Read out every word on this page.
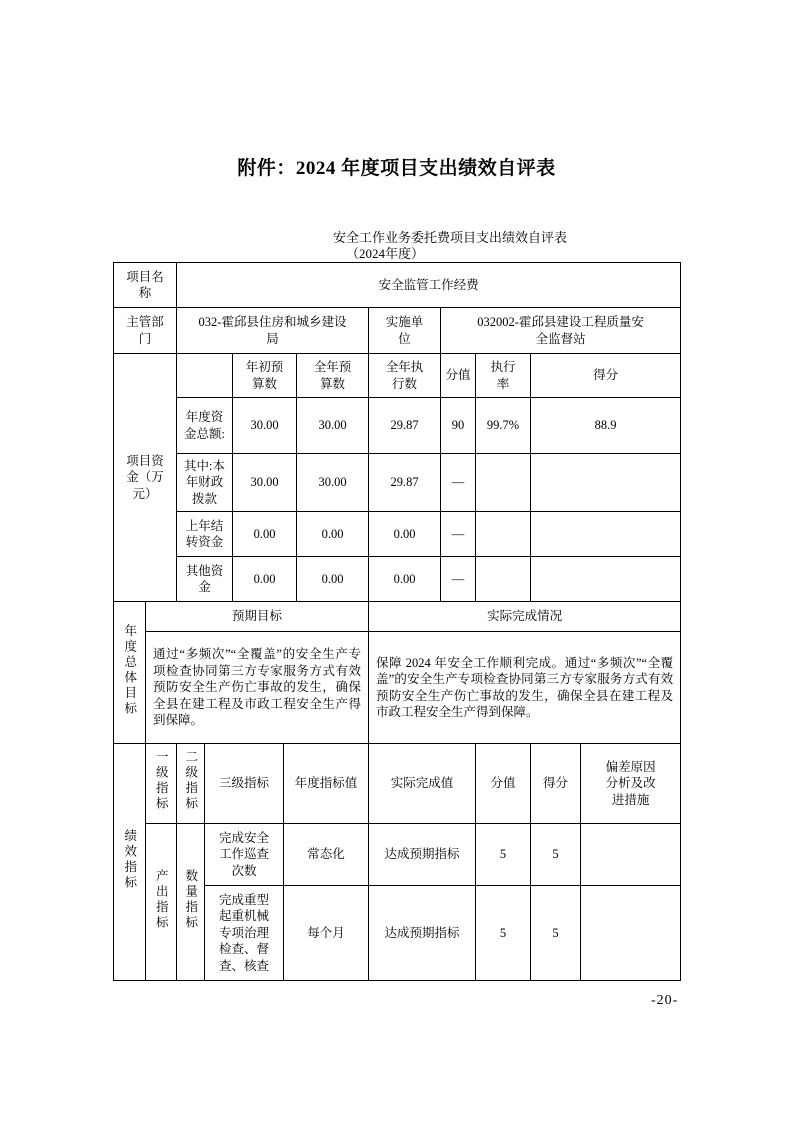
附件：2024 年度项目支出绩效自评表
安全工作业务委托费项目支出绩效自评表
（2024年度）
项目名称		安全监管工作经费									
主管部门		032-霍邱县住房和城乡建设局					实施单位	032002-霍邱县建设工程质量安全监督站			
项目资金（万元）				年初预算数		全年预算数	全年执行数	分值	执行率	得分	
		年度资金总额:		30.00		30.00	29.87	90	99.7%	88.9	
		其中:本年财政拨款		30.00		30.00	29.87	—			
		上年结转资金		0.00		0.00	0.00	—			
		其他资金		0.00		0.00	0.00	—			
年度总体目标	预期目标						实际完成情况				
	通过“多频次”“全覆盖”的安全生产专项检查协同第三方专家服务方式有效预防安全生产伤亡事故的发生，确保全县在建工程及市政工程安全生产得到保障。						保障 2024 年安全工作顺利完成。通过“多频次”“全覆盖”的安全生产专项检查协同第三方专家服务方式有效预防安全生产伤亡事故的发生，确保全县在建工程及市政工程安全生产得到保障。				
绩效指标	一级指标	二级指标	三级指标		年度指标值		实际完成值		分值	得分	偏差原因分析及改进措施
	产出指标	数量指标	完成安全工作巡查次数		常态化		达成预期指标		5	5	
			完成重型起重机械专项治理检查、督查、核查		每个月		达成预期指标		5	5	
-20-
